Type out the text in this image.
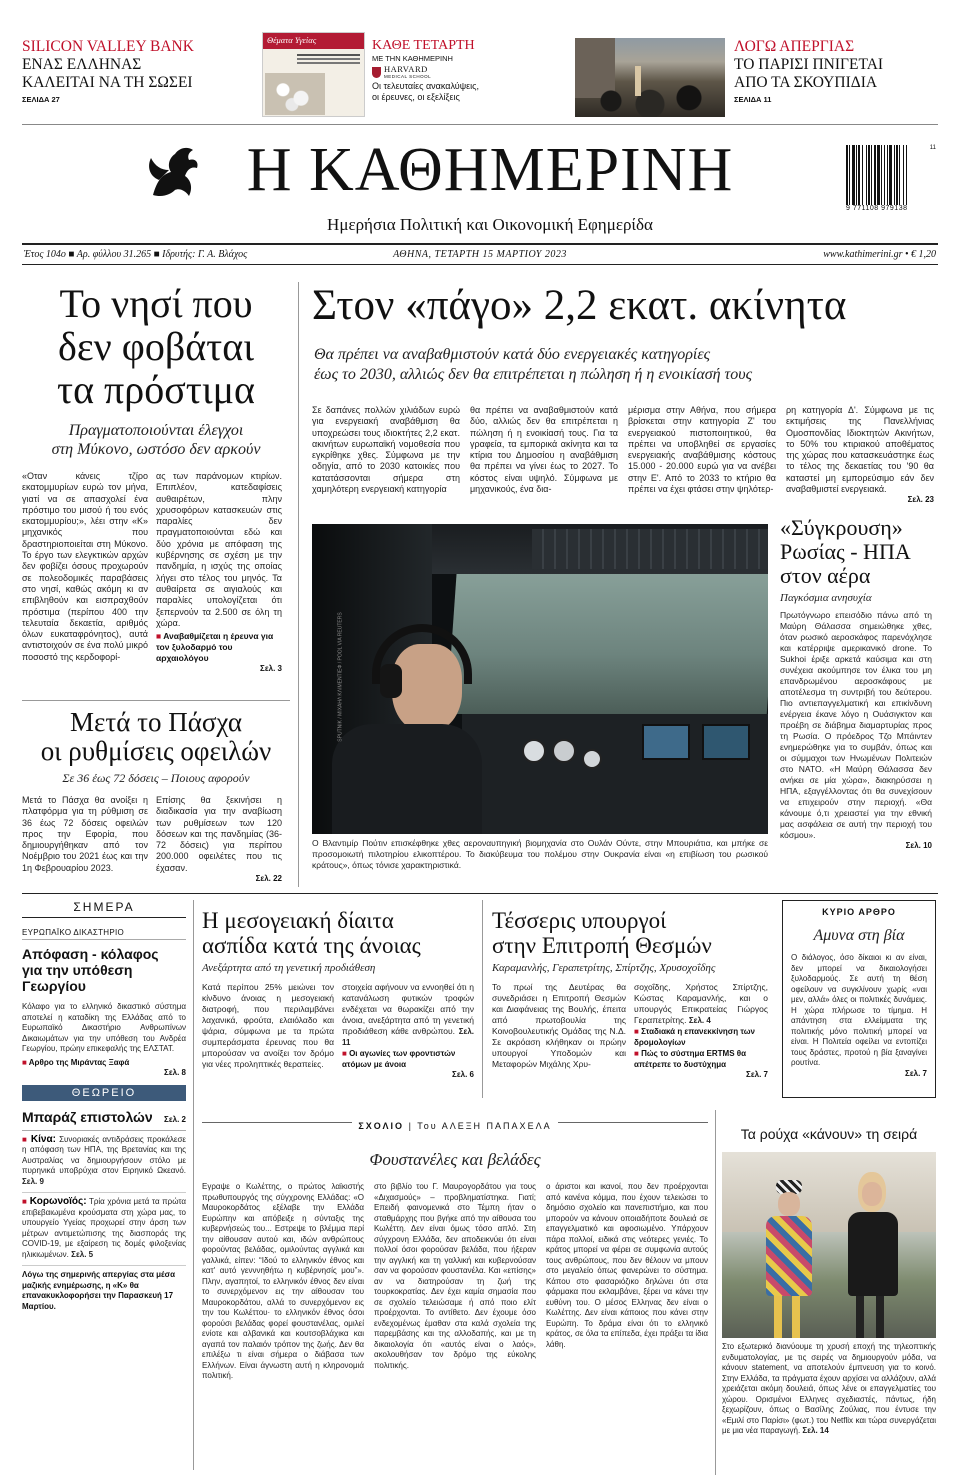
SILICON VALLEY BANK
ΕΝΑΣ ΕΛΛΗΝΑΣ
ΚΑΛΕΙΤΑΙ ΝΑ ΤΗ ΣΩΣΕΙ
ΣΕΛΙΔΑ 27
Θέματα Υγείας	ΚΑΘΕ ΤΕΤΑΡΤΗ
ΜΕ ΤΗΝ ΚΑΘΗΜΕΡΙΝΗ
HARVARD
MEDICAL SCHOOL
Οι τελευταίες ανακαλύψεις,
οι έρευνες, οι εξελίξεις
ΛΟΓΩ ΑΠΕΡΓΙΑΣ
ΤΟ ΠΑΡΙΣΙ ΠΝΙΓΕΤΑΙ
ΑΠΟ ΤΑ ΣΚΟΥΠΙΔΙΑ
ΣΕΛΙΔΑ 11
Η ΚΑΘΗΜΕΡΙΝΗ
Ημερήσια Πολιτική και Οικονομική Εφημερίδα
9 771108 979138
11
Έτος 104ο ■ Αρ. φύλλου 31.265 ■ Ιδρυτής: Γ. Α. Βλάχος	ΑΘΗΝΑ, ΤΕΤΑΡΤΗ 15 ΜΑΡΤΙΟΥ 2023	www.kathimerini.gr • € 1,20
Το νησί που
δεν φοβάται
τα πρόστιμα
Πραγματοποιούνται έλεγχοι
στη Μύκονο, ωστόσο δεν αρκούν
«Οταν κάνεις τζίρο εκατομμυρίων ευρώ τον μήνα, γιατί να σε απασχολεί ένα πρόστιμο του μισού ή του ενός εκατομμυρίου;», λέει στην «Κ» μηχανικός που δραστηριοποιείται στη Μύκονο. Το έργο των ελεγκτικών αρχών δεν φοβίζει όσους προχωρούν σε πολεοδομικές παραβάσεις στο νησί, καθώς ακόμη κι αν επιβληθούν και εισπραχθούν πρόστιμα (περίπου 400 την τελευταία δεκαετία, αριθμός όλων ευκαταφρόνητος), αυτά αντιστοιχούν σε ένα πολύ μικρό ποσοστό της κερδοφορί-
ας των παράνομων κτιρίων. Επιπλέον, κατεδαφίσεις αυθαιρέτων, πλην χρυσοφόρων κατασκευών στις παραλίες δεν πραγματοποιούνται εδώ και δύο χρόνια με απόφαση της κυβέρνησης σε σχέση με την πανδημία, η ισχύς της οποίας λήγει στο τέλος του μηνός. Τα αυθαίρετα σε αιγιαλούς και παραλίες υπολογίζεται ότι ξεπερνούν τα 2.500 σε όλη τη χώρα.
■ Αναβαθμίζεται η έρευνα για τον ξυλοδαρμό του αρχαιολόγου
Σελ. 3
Μετά το Πάσχα
οι ρυθμίσεις οφειλών
Σε 36 έως 72 δόσεις – Ποιους αφορούν
Μετά το Πάσχα θα ανοίξει η πλατφόρμα για τη ρύθμιση σε 36 έως 72 δόσεις οφειλών προς την Εφορία, που δημιουργήθηκαν από τον Νοέμβριο του 2021 έως και την 1η Φεβρουαρίου 2023.
Επίσης θα ξεκινήσει η διαδικασία για την αναβίωση των ρυθμίσεων των 120 δόσεων και της πανδημίας (36-72 δόσεις) για περίπου 200.000 οφειλέτες που τις έχασαν.
Σελ. 22
Στον «πάγο» 2,2 εκατ. ακίνητα
Θα πρέπει να αναβαθμιστούν κατά δύο ενεργειακές κατηγορίες
έως το 2030, αλλιώς δεν θα επιτρέπεται η πώληση ή η ενοικίασή τους
Σε δαπάνες πολλών χιλιάδων ευρώ για ενεργειακή αναβάθμιση θα υποχρεώσει τους ιδιοκτήτες 2,2 εκατ. ακινήτων ευρωπαϊκή νομοθεσία που εγκρίθηκε χθες. Σύμφωνα με την οδηγία, από το 2030 κατοικίες που κατατάσσονται σήμερα στη χαμηλότερη ενεργειακή κατηγορία
θα πρέπει να αναβαθμιστούν κατά δύο, αλλιώς δεν θα επιτρέπεται η πώληση ή η ενοικίασή τους. Για τα γραφεία, τα εμπορικά ακίνητα και τα κτίρια του Δημοσίου η αναβάθμιση θα πρέπει να γίνει έως το 2027. Το κόστος είναι υψηλό. Σύμφωνα με μηχανικούς, ένα δια-
μέρισμα στην Αθήνα, που σήμερα βρίσκεται στην κατηγορία Ζ' του ενεργειακού πιστοποιητικού, θα πρέπει να υποβληθεί σε εργασίες ενεργειακής αναβάθμισης κόστους 15.000 - 20.000 ευρώ για να ανέβει στην Ε'. Από το 2033 το κτήριο θα πρέπει να έχει φτάσει στην ψηλότερ-
ρη κατηγορία Δ'. Σύμφωνα με τις εκτιμήσεις της Πανελλήνιας Ομοσπονδίας Ιδιοκτητών Ακινήτων, το 50% του κτιριακού αποθέματος της χώρας που κατασκευάστηκε έως το τέλος της δεκαετίας του '90 θα καταστεί μη εμπορεύσιμο εάν δεν αναβαθμιστεί ενεργειακά.
Σελ. 23
SPUTNIK / ΜΙΧΑΗΛ ΚΛΙΜΕΝΤΙΕΦ / POOL VIA REUTERS
Ο Βλαντιμίρ Πούτιν επισκέφθηκε χθες αεροναυπηγική βιομηχανία στο Ουλάν Ούντε, στην Μπουριάτια, και μπήκε σε προσομοιωτή πιλοτηρίου ελικοπτέρου. Το διακύβευμα του πολέμου στην Ουκρανία είναι «η επιβίωση του ρωσικού κράτους», όπως τόνισε χαρακτηριστικά.
«Σύγκρουση»
Ρωσίας - ΗΠΑ
στον αέρα
Παγκόσμια ανησυχία
Πρωτόγνωρο επεισόδιο πάνω από τη Μαύρη Θάλασσα σημειώθηκε χθες, όταν ρωσικό αεροσκάφος παρενόχλησε και κατέρριψε αμερικανικό drone. Το Sukhoi έριξε αρκετά καύσιμα και στη συνέχεια ακούμπησε τον έλικα του μη επανδρωμένου αεροσκάφους με αποτέλεσμα τη συντριβή του δεύτερου. Πιο αντιεπαγγελματική και επικίνδυνη ενέργεια έκανε λόγο η Ουάσιγκτον και προέβη σε διάβημα διαμαρτυρίας προς τη Ρωσία. Ο πρόεδρος Τζο Μπάιντεν ενημερώθηκε για το συμβάν, όπως και οι σύμμαχοι των Ηνωμένων Πολιτειών στο ΝΑΤΟ. «Η Μαύρη Θάλασσα δεν ανήκει σε μία χώρα», διακηρύσσει η ΗΠΑ, εξαγγέλλοντας ότι θα συνεχίσουν να επιχειρούν στην περιοχή. «Θα κάνουμε ό,τι χρειαστεί για την εθνική μας ασφάλεια σε αυτή την περιοχή του κόσμου».
Σελ. 10
ΣΗΜΕΡΑ
ΕΥΡΩΠΑΪΚΟ ΔΙΚΑΣΤΗΡΙΟ
Απόφαση - κόλαφος
για την υπόθεση
Γεωργίου
Κόλαφο για το ελληνικό δικαστικό σύστημα αποτελεί η καταδίκη της Ελλάδας από το Ευρωπαϊκό Δικαστήριο Ανθρωπίνων Δικαιωμάτων για την υπόθεση του Ανδρέα Γεωργίου, πρώην επικεφαλής της ΕΛΣΤΑΤ.
■ Αρθρο της Μιράντας Ξαφά
Σελ. 8
ΘΕΩΡΕΙΟ
Μπαράζ επιστολών Σελ. 2
■ Κίνα: Συνοριακές αντιδράσεις προκάλεσε η απόφαση των ΗΠΑ, της Βρετανίας και της Αυστραλίας να δημιουργήσουν στόλο με πυρηνικά υποβρύχια στον Ειρηνικό Ωκεανό. Σελ. 9
■ Κορωνοϊός: Τρία χρόνια μετά τα πρώτα επιβεβαιωμένα κρούσματα στη χώρα μας, το υπουργείο Υγείας προχωρεί στην άρση των μέτρων αντιμετώπισης της διασποράς της COVID-19, με εξαίρεση τις δομές φιλοξενίας ηλικιωμένων. Σελ. 5
Λόγω της σημερινής απεργίας στα μέσα μαζικής ενημέρωσης, η «Κ» θα επανακυκλοφορήσει την Παρασκευή 17 Μαρτίου.
Η μεσογειακή δίαιτα
ασπίδα κατά της άνοιας
Ανεξάρτητα από τη γενετική προδιάθεση
Κατά περίπου 25% μειώνει τον κίνδυνο άνοιας η μεσογειακή διατροφή, που περιλαμβάνει λαχανικά, φρούτα, ελαιόλαδο και ψάρια, σύμφωνα με τα πρώτα συμπεράσματα έρευνας που θα μπορούσαν να ανοίξει τον δρόμο για νέες προληπτικές θεραπείες.
στοιχεία αφήνουν να εννοηθεί ότι η κατανάλωση φυτικών τροφών ενδέχεται να θωρακίζει από την άνοια, ανεξάρτητα από τη γενετική προδιάθεση κάθε ανθρώπου. Σελ. 11
■ Οι αγωνίες των φροντιστών ατόμων με άνοια
Σελ. 6
Τέσσερις υπουργοί
στην Επιτροπή Θεσμών
Καραμανλής, Γεραπετρίτης, Σπίρτζης, Χρυσοχοΐδης
Το πρωί της Δευτέρας θα συνεδριάσει η Επιτροπή Θεσμών και Διαφάνειας της Βουλής, έπειτα από πρωτοβουλία της Κοινοβουλευτικής Ομάδας της Ν.Δ. Σε ακρόαση κλήθηκαν οι πρώην υπουργοί Υποδομών και Μεταφορών Μιχάλης Χρυ-
σοχοΐδης, Χρήστος Σπίρτζης, Κώστας Καραμανλής, και ο υπουργός Επικρατείας Γιώργος Γεραπετρίτης. Σελ. 4
■ Σταδιακά η επανεκκίνηση των δρομολογίων
■ Πώς το σύστημα ERTMS θα απέτρεπε το δυστύχημα
Σελ. 7
ΚΥΡΙΟ ΑΡΘΡΟ
Αμυνα στη βία
Ο διάλογος, όσο δίκαιοι κι αν είναι, δεν μπορεί να δικαιολογήσει ξυλοδαρμούς. Σε αυτή τη θέση οφείλουν να συγκλίνουν χωρίς «ναι μεν, αλλά» όλες οι πολιτικές δυνάμεις. Η χώρα πλήρωσε το τίμημα. Η απάντηση στα ελλείμματα της πολιτικής μόνο πολιτική μπορεί να είναι. Η Πολιτεία οφείλει να εντοπίζει τους δράστες, προτού η βία ξαναγίνει ρουτίνα.
Σελ. 7
ΣΧΟΛΙΟ | Του ΑΛΕΞΗ ΠΑΠΑΧΕΛΑ
Φουστανέλες και βελάδες
Εγραψε ο Κωλέττης, ο πρώτος λαϊκιστής πρωθυπουργός της σύγχρονης Ελλάδας: «Ο Μαυροκορδάτος εξέλαβε την Ελλάδα Ευρώπην και απόβειξε η σύνταξις της κυβερνήσεώς του... Εστρεψε το βλέμμα περί την αίθουσαν αυτού και, ιδών ανθρώπους φορούντας βελάδας, ομιλούντας αγγλικά και γαλλικά, είπεν: “Ιδού το ελληνικόν έθνος και κατ' αυτό γενννηθήτω η κυβέρνησίς μου”». Πλην, αγαπητοί, το ελληνικόν έθνος δεν είναι το συνερχόμενον εις την αίθουσαν του Μαυροκορδάτου, αλλά το συνερχόμενον εις την του Κωλέττου· το ελληνικόν έθνος όσοι φορούσι βελάδας φορεί φουστανέλας, ομιλεί ενίοτε και αλβανικά και κουτσοβλάχικα και αγαπά τον παλαιόν τρόπον της ζωής. Δεν θα επιλέξω τι είναι σήμερα ο διάβασα των Ελλήνων. Είναι άγνωστη αυτή η κληρονομιά πολιτική.
στο βιβλίο του Γ. Μαυρογορδάτου για τους «Διχασμούς» – προβληματίστηκα. Γιατί; Επειδή φαινομενικά στο Τέμπη ήταν ο σταθμάρχης που βγήκε από την αίθουσα του Κωλέττη. Δεν είναι όμως τόσο απλό. Στη σύγχρονη Ελλάδα, δεν αποδεικνύει ότι είναι πολλοί όσοι φορούσαν βελάδα, που ήξεραν την αγγλική και τη γαλλική και κυβερνούσαν σαν να φορούσαν φουστανέλα. Και «επίσης» αν να διατηρούσαν τη ζωή της τουρκοκρατίας. Δεν έχει καμία σημασία που σε σχολείο τελειώσαμε ή από ποιο ελίτ προέρχονται. Το αντίθετο. Δεν έχουμε όσο ενδεχομένως έμαθαν στα καλά σχολεία της παρεμβάσης και της αλλοδαπής, και με τη δικαιολογία ότι «αυτός είναι ο λαός», ακολουθήσαν τον δρόμο της εύκολης πολιτικής.
ο άριστοι και ικανοί, που δεν προέρχονται από κανένα κόμμα, που έχουν τελειώσει το δημόσιο σχολείο και πανεπιστήμιο, και που μπορούν να κάνουν οποιαδήποτε δουλειά σε επαγγελματικό και αφοσιωμένο. Υπάρχουν πάρα πολλοί, ειδικά στις νεότερες γενιές. Το κράτος μπορεί να φέρει σε συμφωνία αυτούς τους ανθρώπους, που δεν θέλουν να μπουν στο μεγαλείο όπως φανερώνει το σύστημα. Κάπου στο φασαριόζικο δηλώνει ότι στα φάρμακα που εκλαμβάνει, ξέρει να κάνει την ευθύνη του. Ο μέσος Ελληνας δεν είναι ο Κωλέττης. Δεν είναι κάποιος που κάνει στην Ευρώπη. Το δράμα είναι ότι το ελληνικό κράτος, σε όλα τα επίπεδα, έχει πράξει τα ίδια λάθη.
Τα ρούχα «κάνουν» τη σειρά
Στο εξωτερικό διανύουμε τη χρυσή εποχή της τηλεοπτικής ενδυματολογίας, με τις σειρές να δημιουργούν μόδα, να κάνουν statement, να αποτελούν έμπνευση για το κοινό. Στην Ελλάδα, τα πράγματα έχουν αρχίσει να αλλάζουν, αλλά χρειάζεται ακόμη δουλειά, όπως λένε οι επαγγελματίες του χώρου. Ορισμένοι Ελληνες σχεδιαστές, πάντως, ήδη ξεχωρίζουν, όπως ο Βασίλης Ζούλιας, που έντυσε την «Εμιλί στο Παρίσι» (φωτ.) του Netflix και τώρα συνεργάζεται με μια νέα παραγωγή. Σελ. 14
